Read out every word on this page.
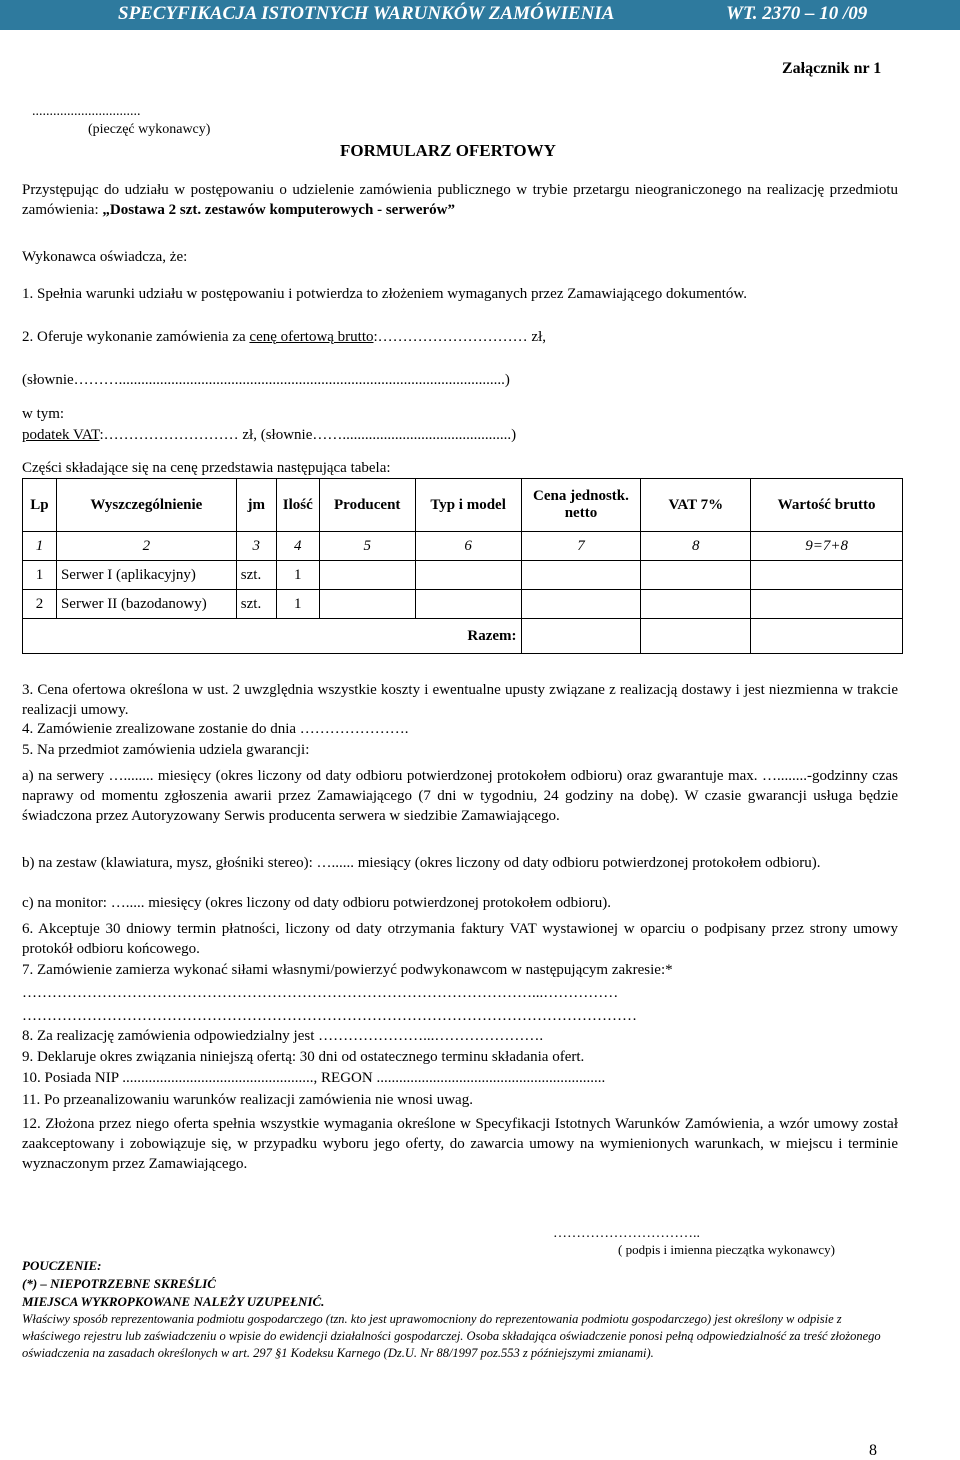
SPECYFIKACJA ISTOTNYCH WARUNKÓW ZAMÓWIENIA	WT. 2370 – 10 /09
Załącznik nr 1
...............................
(pieczęć wykonawcy)
FORMULARZ OFERTOWY
Przystępując do udziału w postępowaniu o udzielenie zamówienia publicznego w trybie przetargu nieograniczonego na realizację przedmiotu zamówienia: „Dostawa 2 szt. zestawów komputerowych - serwerów”
Wykonawca oświadcza, że:
1. Spełnia warunki udziału w postępowaniu i potwierdza to złożeniem wymaganych przez Zamawiającego dokumentów.
2. Oferuje wykonanie zamówienia za cenę ofertową brutto:………………………… zł,
(słownie……….......................................................................................................)
w tym:
podatek VAT:……………………… zł, (słownie…….............................................)
Części składające się na cenę przedstawia następująca tabela:
Lp	Wyszczególnienie	jm	Ilość	Producent	Typ i model	Cena jednostk. netto	VAT 7%	Wartość brutto
1	2	3	4	5	6	7	8	9=7+8
1	Serwer I (aplikacyjny)	szt.	1					
2	Serwer II (bazodanowy)	szt.	1					
Razem:								
3. Cena ofertowa określona w ust. 2 uwzględnia wszystkie koszty i ewentualne upusty związane z realizacją dostawy i jest niezmienna w trakcie realizacji umowy.
4. Zamówienie zrealizowane zostanie do dnia ………………….
5. Na przedmiot zamówienia udziela gwarancji:
a) na serwery …........ miesięcy (okres liczony od daty odbioru potwierdzonej protokołem odbioru) oraz gwarantuje max. …........-godzinny czas naprawy od momentu zgłoszenia awarii przez Zamawiającego (7 dni w tygodniu, 24 godziny na dobę). W czasie gwarancji usługa będzie świadczona przez Autoryzowany Serwis producenta serwera w siedzibie Zamawiającego.
b) na zestaw (klawiatura, mysz, głośniki stereo): …...... miesiący (okres liczony od daty odbioru potwierdzonej protokołem odbioru).
c) na monitor: …..... miesięcy (okres liczony od daty odbioru potwierdzonej protokołem odbioru).
6. Akceptuje 30 dniowy termin płatności, liczony od daty otrzymania faktury VAT wystawionej w oparciu o podpisany przez strony umowy protokół odbioru końcowego.
7. Zamówienie zamierza wykonać siłami własnymi/powierzyć podwykonawcom w następującym zakresie:*
…………………………………………………………………………………………...……………
……………………………………………………………………………………………………………
8. Za realizację zamówienia odpowiedzialny jest …………………...………………….
9. Deklaruje okres związania niniejszą ofertą: 30 dni od ostatecznego terminu składania ofert.
10. Posiada NIP ..................................................., REGON .............................................................
11. Po przeanalizowaniu warunków realizacji zamówienia nie wnosi uwag.
12. Złożona przez niego oferta spełnia wszystkie wymagania określone w Specyfikacji Istotnych Warunków Zamówienia, a wzór umowy został zaakceptowany i zobowiązuje się, w przypadku wyboru jego oferty, do zawarcia umowy na wymienionych warunkach, w miejscu i terminie wyznaczonym przez Zamawiającego.
…………………………..
( podpis i imienna pieczątka wykonawcy)
POUCZENIE:
(*) – NIEPOTRZEBNE SKREŚLIĆ
MIEJSCA WYKROPKOWANE NALEŻY UZUPEŁNIĆ.
Właściwy sposób reprezentowania podmiotu gospodarczego (tzn. kto jest uprawomocniony do reprezentowania podmiotu gospodarczego) jest określony w odpisie z właściwego rejestru lub zaświadczeniu o wpisie do ewidencji działalności gospodarczej. Osoba składająca oświadczenie ponosi pełną odpowiedzialność za treść złożonego oświadczenia na zasadach określonych w art. 297 §1 Kodeksu Karnego (Dz.U. Nr 88/1997 poz.553 z późniejszymi zmianami).
8
